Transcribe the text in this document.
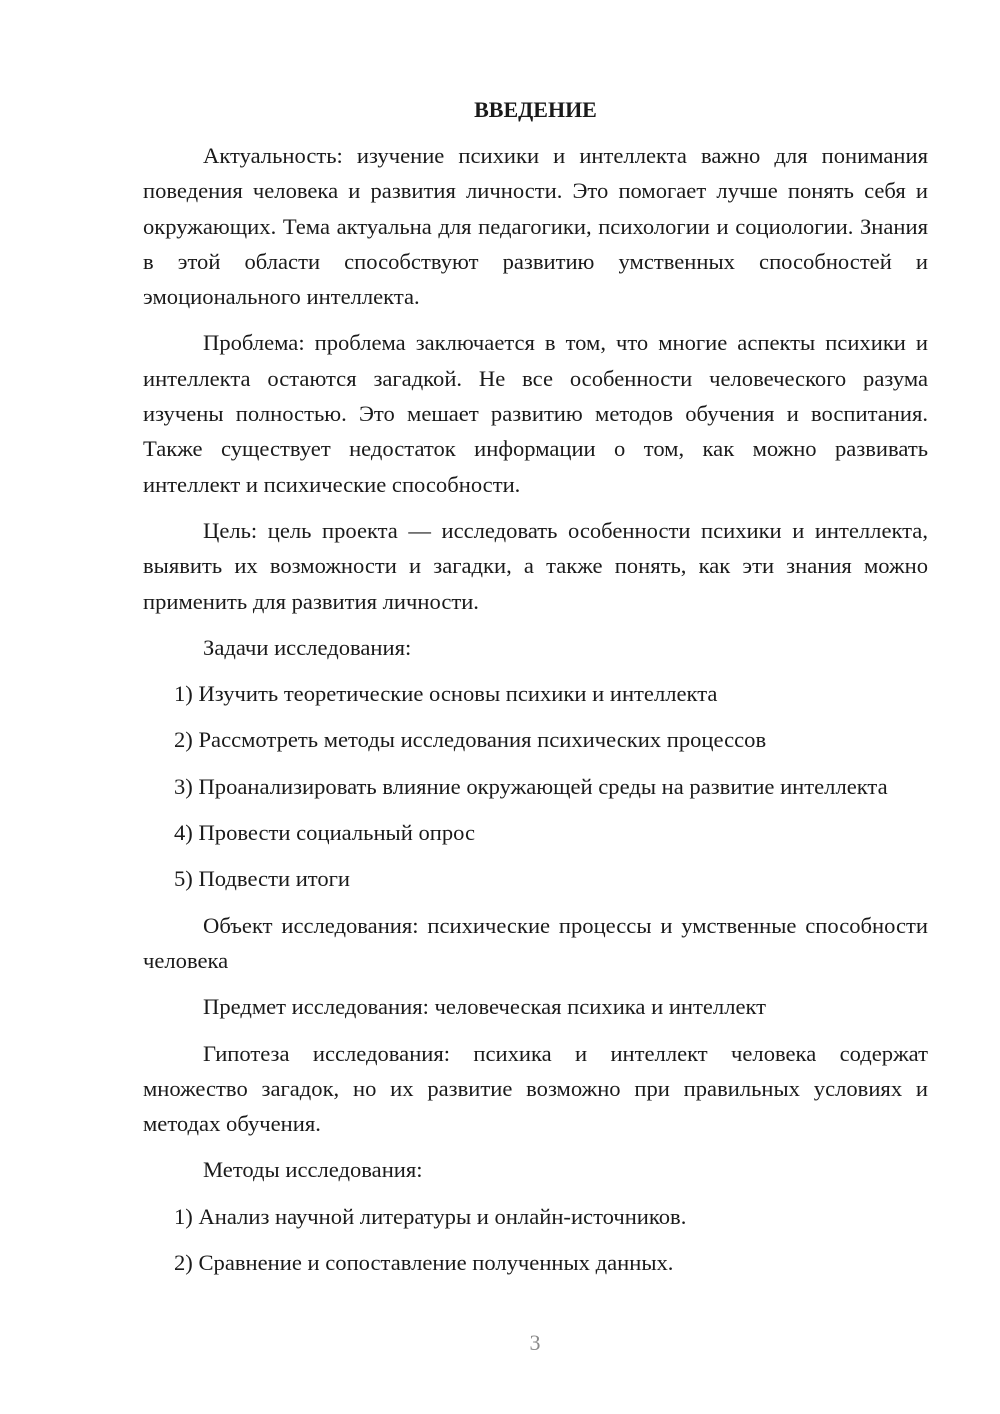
ВВЕДЕНИЕ

Актуальность: изучение психики и интеллекта важно для понимания поведения человека и развития личности. Это помогает лучше понять себя и окружающих. Тема актуальна для педагогики, психологии и социологии. Знания в этой области способствуют развитию умственных способностей и эмоционального интеллекта.

Проблема: проблема заключается в том, что многие аспекты психики и интеллекта остаются загадкой. Не все особенности человеческого разума изучены полностью. Это мешает развитию методов обучения и воспитания. Также существует недостаток информации о том, как можно развивать интеллект и психические способности.

Цель: цель проекта — исследовать особенности психики и интеллекта, выявить их возможности и загадки, а также понять, как эти знания можно применить для развития личности.

Задачи исследования:

1) Изучить теоретические основы психики и интеллекта

2) Рассмотреть методы исследования психических процессов

3) Проанализировать влияние окружающей среды на развитие интеллекта

4) Провести социальный опрос

5) Подвести итоги

Объект исследования: психические процессы и умственные способности человека

Предмет исследования: человеческая психика и интеллект

Гипотеза исследования: психика и интеллект человека содержат множество загадок, но их развитие возможно при правильных условиях и методах обучения.

Методы исследования:

1) Анализ научной литературы и онлайн-источников.

2) Сравнение и сопоставление полученных данных.

3
